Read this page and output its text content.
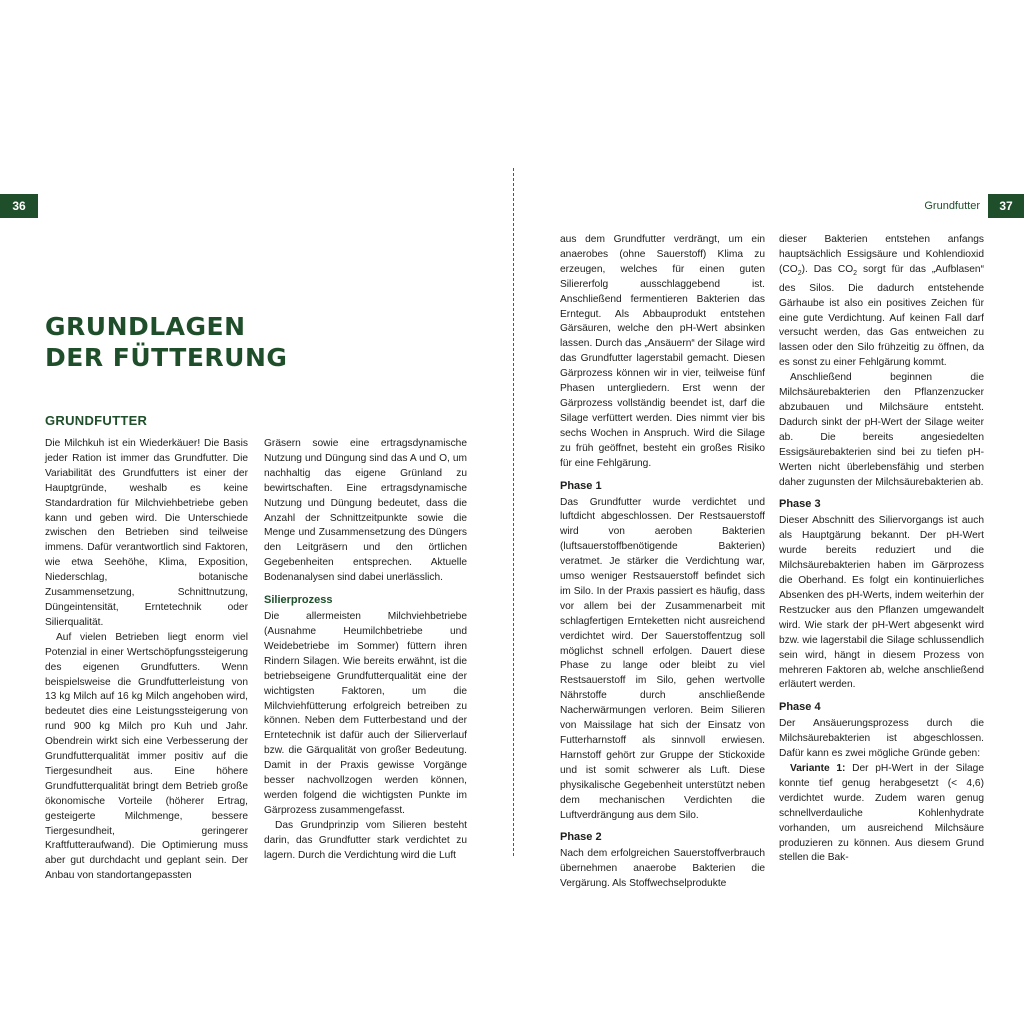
36	Grundfutter	37
GRUNDLAGEN
DER FÜTTERUNG
GRUNDFUTTER

Die Milchkuh ist ein Wiederkäuer! Die Basis jeder Ration ist immer das Grundfutter. Die Variabilität des Grundfutters ist einer der Hauptgründe, weshalb es keine Standardration für Milchviehbetriebe geben kann und geben wird. Die Unterschiede zwischen den Betrieben sind teilweise immens. Dafür verantwortlich sind Faktoren, wie etwa Seehöhe, Klima, Exposition, Niederschlag, botanische Zusammensetzung, Schnittnutzung, Düngeintensität, Erntetechnik oder Silierqualität.

Auf vielen Betrieben liegt enorm viel Potenzial in einer Wertschöpfungssteigerung des eigenen Grundfutters. Wenn beispielsweise die Grundfutterleistung von 13 kg Milch auf 16 kg Milch angehoben wird, bedeutet dies eine Leistungssteigerung von rund 900 kg Milch pro Kuh und Jahr. Obendrein wirkt sich eine Verbesserung der Grundfutterqualität immer positiv auf die Tiergesundheit aus. Eine höhere Grundfutterqualität bringt dem Betrieb große ökonomische Vorteile (höherer Ertrag, gesteigerte Milchmenge, bessere Tiergesundheit, geringerer Kraftfutteraufwand). Die Optimierung muss aber gut durchdacht und geplant sein. Der Anbau von standortangepassten

Gräsern sowie eine ertragsdynamische Nutzung und Düngung sind das A und O, um nachhaltig das eigene Grünland zu bewirtschaften. Eine ertragsdynamische Nutzung und Düngung bedeutet, dass die Anzahl der Schnittzeitpunkte sowie die Menge und Zusammensetzung des Düngers den Leitgräsern und den örtlichen Gegebenheiten entsprechen. Aktuelle Bodenanalysen sind dabei unerlässlich.

Silierprozess

Die allermeisten Milchviehbetriebe (Ausnahme Heumilchbetriebe und Weidebetriebe im Sommer) füttern ihren Rindern Silagen. Wie bereits erwähnt, ist die betriebseigene Grundfutterqualität eine der wichtigsten Faktoren, um die Milchviehfütterung erfolgreich betreiben zu können. Neben dem Futterbestand und der Erntetechnik ist dafür auch der Silierverlauf bzw. die Gärqualität von großer Bedeutung. Damit in der Praxis gewisse Vorgänge besser nachvollzogen werden können, werden folgend die wichtigsten Punkte im Gärprozess zusammengefasst.

Das Grundprinzip vom Silieren besteht darin, das Grundfutter stark verdichtet zu lagern. Durch die Verdichtung wird die Luft

aus dem Grundfutter verdrängt, um ein anaerobes (ohne Sauerstoff) Klima zu erzeugen, welches für einen guten Siliererfolg ausschlaggebend ist. Anschließend fermentieren Bakterien das Erntegut. Als Abbauprodukt entstehen Gärsäuren, welche den pH-Wert absinken lassen. Durch das „Ansäuern“ der Silage wird das Grundfutter lagerstabil gemacht. Diesen Gärprozess können wir in vier, teilweise fünf Phasen untergliedern. Erst wenn der Gärprozess vollständig beendet ist, darf die Silage verfüttert werden. Dies nimmt vier bis sechs Wochen in Anspruch. Wird die Silage zu früh geöffnet, besteht ein großes Risiko für eine Fehlgärung.

Phase 1

Das Grundfutter wurde verdichtet und luftdicht abgeschlossen. Der Restsauerstoff wird von aeroben Bakterien (luftsauerstoffbenötigende Bakterien) veratmet. Je stärker die Verdichtung war, umso weniger Restsauerstoff befindet sich im Silo. In der Praxis passiert es häufig, dass vor allem bei der Zusammenarbeit mit schlagfertigen Ernteketten nicht ausreichend verdichtet wird. Der Sauerstoffentzug soll möglichst schnell erfolgen. Dauert diese Phase zu lange oder bleibt zu viel Restsauerstoff im Silo, gehen wertvolle Nährstoffe durch anschließende Nacherwärmungen verloren. Beim Silieren von Maissilage hat sich der Einsatz von Futterharnstoff als sinnvoll erwiesen. Harnstoff gehört zur Gruppe der Stickoxide und ist somit schwerer als Luft. Diese physikalische Gegebenheit unterstützt neben dem mechanischen Verdichten die Luftverdrängung aus dem Silo.

Phase 2

Nach dem erfolgreichen Sauerstoffverbrauch übernehmen anaerobe Bakterien die Vergärung. Als Stoffwechselprodukte

dieser Bakterien entstehen anfangs hauptsächlich Essigsäure und Kohlendioxid $(CO_2)$. Das $CO_2$ sorgt für das „Aufblasen“ des Silos. Die dadurch entstehende Gärhaube ist also ein positives Zeichen für eine gute Verdichtung. Auf keinen Fall darf versucht werden, das Gas entweichen zu lassen oder den Silo frühzeitig zu öffnen, da es sonst zu einer Fehlgärung kommt.

Anschließend beginnen die Milchsäurebakterien den Pflanzenzucker abzubauen und Milchsäure entsteht. Dadurch sinkt der pH-Wert der Silage weiter ab. Die bereits angesiedelten Essigsäurebakterien sind bei zu tiefen pH-Werten nicht überlebensfähig und sterben daher zugunsten der Milchsäurebakterien ab.

Phase 3

Dieser Abschnitt des Siliervorgangs ist auch als Hauptgärung bekannt. Der pH-Wert wurde bereits reduziert und die Milchsäurebakterien haben im Gärprozess die Oberhand. Es folgt ein kontinuierliches Absenken des pH-Werts, indem weiterhin der Restzucker aus den Pflanzen umgewandelt wird. Wie stark der pH-Wert abgesenkt wird bzw. wie lagerstabil die Silage schlussendlich sein wird, hängt in diesem Prozess von mehreren Faktoren ab, welche anschließend erläutert werden.

Phase 4

Der Ansäuerungsprozess durch die Milchsäurebakterien ist abgeschlossen. Dafür kann es zwei mögliche Gründe geben:

Variante 1: Der pH-Wert in der Silage konnte tief genug herabgesetzt (< 4,6) verdichtet wurde. Zudem waren genug schnellverdauliche Kohlenhydrate vorhanden, um ausreichend Milchsäure produzieren zu können. Aus diesem Grund stellen die Bak-
